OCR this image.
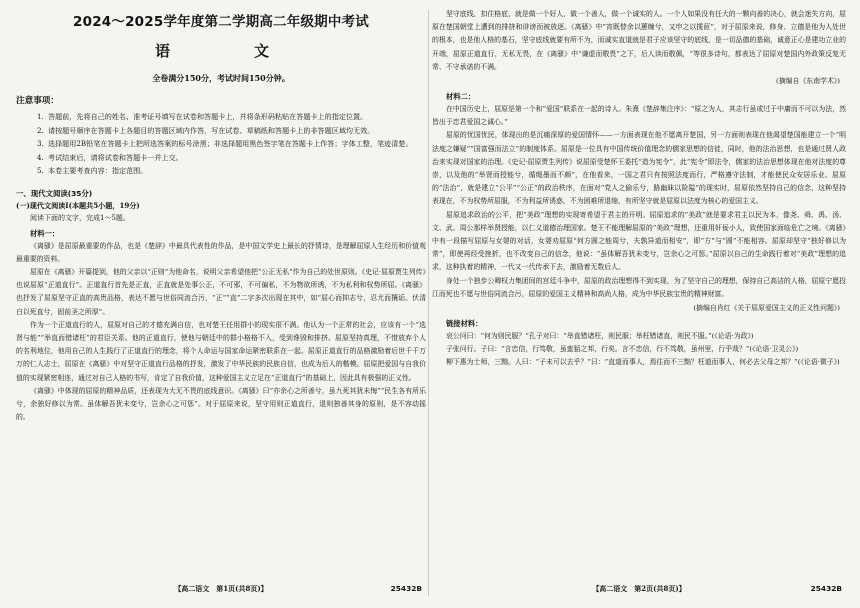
2024～2025学年度第二学期高二年级期中考试
语　　文
全卷满分150分，考试时间150分钟。
注意事项：
1. 答题前，先将自己的姓名、准考证号填写在试卷和答题卡上，并将条形码粘贴在答题卡上的指定位置。
2. 请按题号顺序在答题卡上各题目的答题区域内作答，写在试卷、草稿纸和答题卡上的非答题区域均无效。
3. 选择题用2B铅笔在答题卡上把所选答案的标号涂黑；非选择题用黑色签字笔在答题卡上作答；字体工整，笔迹清楚。
4. 考试结束后，请将试卷和答题卡一并上交。
5. 本卷主要考查内容：指定范围。
一、现代文阅读(35分)
(一)现代文阅读Ⅰ(本题共5小题，19分)
阅读下面的文字，完成1～5题。
材料一：

《离骚》是屈原最重要的作品，也是《楚辞》中最具代表性的作品，是中国文学史上最长的抒情诗，是理解屈原人生经历和价值观最重要的资料。

屈原在《离骚》开篇提到，他的父亲以“正则”为他命名，说明父亲希望他把“公正无私”作为自己的处世原则。《史记·屈原贾生列传》也说屈原“正道直行”。正道直行首先是正直，正直就是处事公正，不可邪，不可偏私，不为物欲所诱，不为私利和权势所屈。《离骚》也抒发了屈原坚守正直的高贵品格，表达不愿与世俗同流合污，“正”“直”二字多次出现在其中，如“屈心而抑志兮，忍尤而攘诟。伏清白以死直兮，固前圣之所厚”。

作为一个正道直行的人，屈原对自己的才德充满自信，也对楚王任用群小的现实很不满。他认为一个正常的社会，应该有一个“选贤与能”“举直而错诸枉”的君臣关系。他的正道直行，使他与朝廷中的群小格格不入，受到谗毁和排挤。屈原坚持真理，不惜放弃个人的名利地位，他用自己的人生践行了正道直行的理念，将个人命运与国家命运紧密联系在一起。屈原正道直行的品格激励着后世千千万万的仁人志士，屈原在《离骚》中对坚守正道直行品格的抒发，激发了中华民族的民族自信，也成为后人的楷模。屈原把爱国与自我价值的实现紧密相连，通过对自己人格的书写，肯定了自我价值，这种爱国主义立足在“正道直行”的基础上，因此具有极强的正义性。

《离骚》中体现的屈原的精神品质，还表现为大无不畏的底线意识。《离骚》曰“亦余心之所善兮，虽九死其犹未悔”“民生各有所乐兮，余独好修以为常。虽体解吾犹未变兮，岂余心之可惩”。对于屈原来说，坚守用则正道直行，退则独善其身的原则，是不容动摇的。

【高二语文　第1页(共8页)】	25432B

坚守底线，扣住格底，就是做一个好人，做一个善人，做一个诚实的人。一个人如果没有任大的一颗向善的决心，就会迷失方向，屈原在楚国朝堂上遭到的排挤和诽谤而被放逐。《离骚》中“宵既替余以蕙缠兮，又申之以揽茝”，对于屈原来说，修身、立德是他为人处世的根本，也是他人格的基石，坚守底线就要有所不为，而诚实直道就是君子应该坚守的底线，是一切品德的基础，诚意正心是建功立业的开端，屈原正道直行，无私无畏，在《离骚》中“谦虚而敬畏”之下，后人读而敬佩，“等很多诗句，都表达了屈原对楚国内外政策反复无常、不守承诺的不满。

(摘编自《东南学术》)
材料二：

在中国历史上，屈原是第一个和“爱国”联系在一起的诗人。朱熹《楚辞集注序》：“原之为人，其志行虽或过于中庸而不可以为法，然皆出于忠君爱国之诚心。”

屈原的忧国忧民，体现出的是沉痛深厚的爱国情怀——一方面表现在他不愿离开楚国，另一方面则表现在他渴望楚国能建立一个“明法度之嫌疑”“国富强而法立”的制度体系。屈原是一位具有中国传统价值理念的儒家思想的信徒，同时，他的法治思想，也是通过贤人政治来实现对国家的治理。《史记·屈原贾生列传》说屈原受楚怀王委托“造为宪令”，此“宪令”即法令，儒家的法治思想体现在他对法度的尊崇，以及他的“举贤而授能兮，循绳墨而不颇”，在他看来，一国之君只有按照法度而行，严格遵守法制，才能使民众安居乐业。屈原的“法治”，就是建立“公平”“公正”的政治秩序，在面对“党人之偷乐兮，路幽昧以险隘”的现实时，屈原依然坚持自己的信念，这种坚持表现在，不为权势所屈服，不为利益所诱惑，不为困难所退缩，有所坚守就是屈原以法度为核心的爱国主义。

屈原追求政治的公平，把“美政”理想的实现寄希望于君主的开明。屈原追求的“美政”就是要求君主以民为本，像尧、舜、禹、汤、文、武、周公那样举贤授能，以仁义道德治理国家。楚王不能理解屈原的“美政”理想，还重用奸佞小人，致使国家面临危亡之境。《离骚》中有一段描写屈原与女媭的对话，女媭劝屈原“何方圆之能周兮，夫孰异道而相安”，即“方”与“圆”不能相容。屈原却坚守“独好修以为常”，即使再经受挫折，也不改变自己的信念，他说：“虽体解吾犹未变兮，岂余心之可惩。”屈原以自己的生命践行着对“美政”理想的追求，这种执着的精神，一代又一代传承下去，激励着无数后人。

身处一个独步公卿权力集团间的宫廷斗争中，屈原的政治理想得不到实现，为了坚守自己的理想，保持自己高洁的人格，屈原宁愿投江而死也不愿与世俗同流合污，屈原的爱国主义精神和高尚人格，成为中华民族宝贵的精神财富。

(摘编自肖红《关于屈原爱国主义的正义性问题》)
链接材料：

哀公问曰：“何为则民服？”孔子对曰：“举直错诸枉，则民服；举枉错诸直，则民不服。”(《论语·为政》)

子张问行。子曰：“言忠信，行笃敬，虽蛮貊之邦，行矣。言不忠信，行不笃敬，虽州里，行乎哉？”(《论语·卫灵公》)

柳下惠为士师，三黜。人曰：“子未可以去乎？”曰：“直道而事人，焉往而不三黜？枉道而事人，何必去父母之邦？”(《论语·微子》)

【高二语文　第2页(共8页)】	25432B
